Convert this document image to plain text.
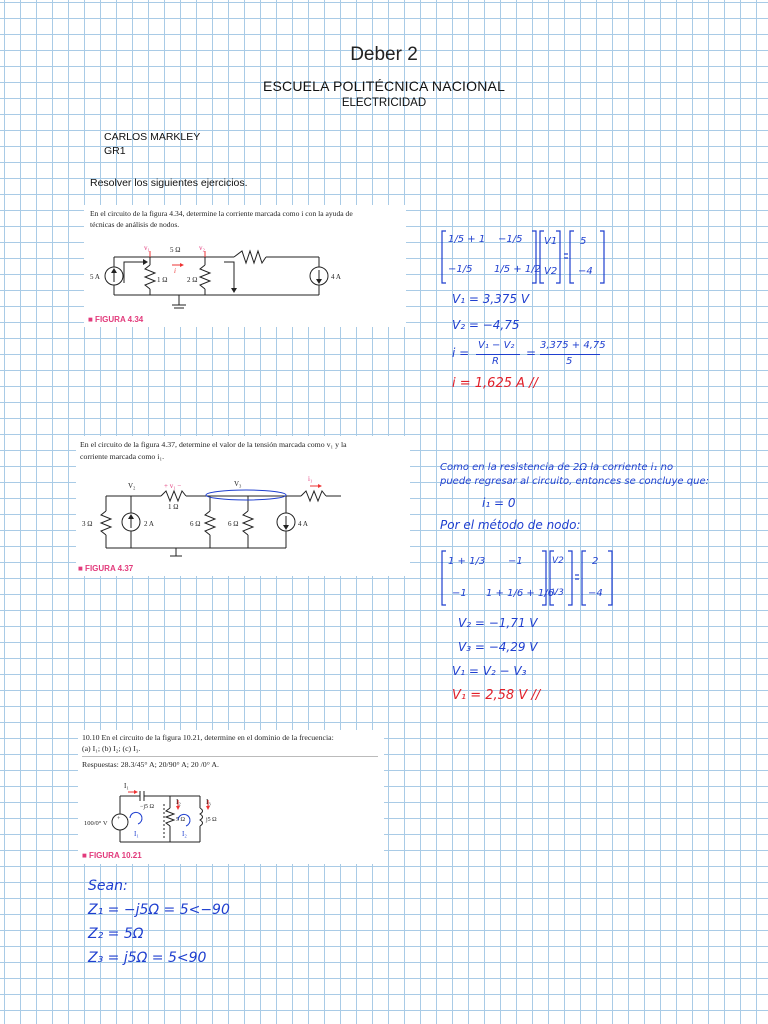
Deber 2
ESCUELA POLITÉCNICA NACIONAL
ELECTRICIDAD
CARLOS MARKLEY
GR1
Resolver los siguientes ejercicios.
En el circuito de la figura 4.34, determine la corriente marcada como i con la ayuda de
técnicas de análisis de nodos.
v₁	v₂
5 Ω
i
5 A	1 Ω	2 Ω	4 A
■ FIGURA 4.34
1/5 + 1 −1/5
−1/5 1/5 + 1/2
V1
V2
5
−4
V₁ = 3,375 V
V₂ = −4,75
i =
V₁ − V₂
R
=
3,375 + 4,75
5
i = 1,625 A //
En el circuito de la figura 4.37, determine el valor de la tensión marcada como v₁ y la
corriente marcada como i₁.
V₂	+ v₁ −
1 Ω
V₃
i₁
3 Ω	2 A	6 Ω	6 Ω	4 A
■ FIGURA 4.37
Como en la resistencia de 2Ω la corriente i₁ no
puede regresar al circuito, entonces se concluye que:
i₁ = 0
Por el método de nodo:
1 + 1/3 −1
−1 1 + 1/6 + 1/6
V2
V3
2
−4
V₂ = −1,71 V
V₃ = −4,29 V
V₁ = V₂ − V₃
V₁ = 2,58 V //
10.10 En el circuito de la figura 10.21, determine en el dominio de la frecuencia:
(a) I₁; (b) I₂; (c) I₃.
Respuestas: 28.3/45° A; 20/90° A; 20 /0° A.
+
I₁
−j5 Ω
I₂	I₃
100/0° V	5 Ω	j5 Ω
I₁	I₂
■ FIGURA 10.21
Sean:
Z₁ = −j5Ω = 5<−90
Z₂ = 5Ω
Z₃ = j5Ω = 5<90
